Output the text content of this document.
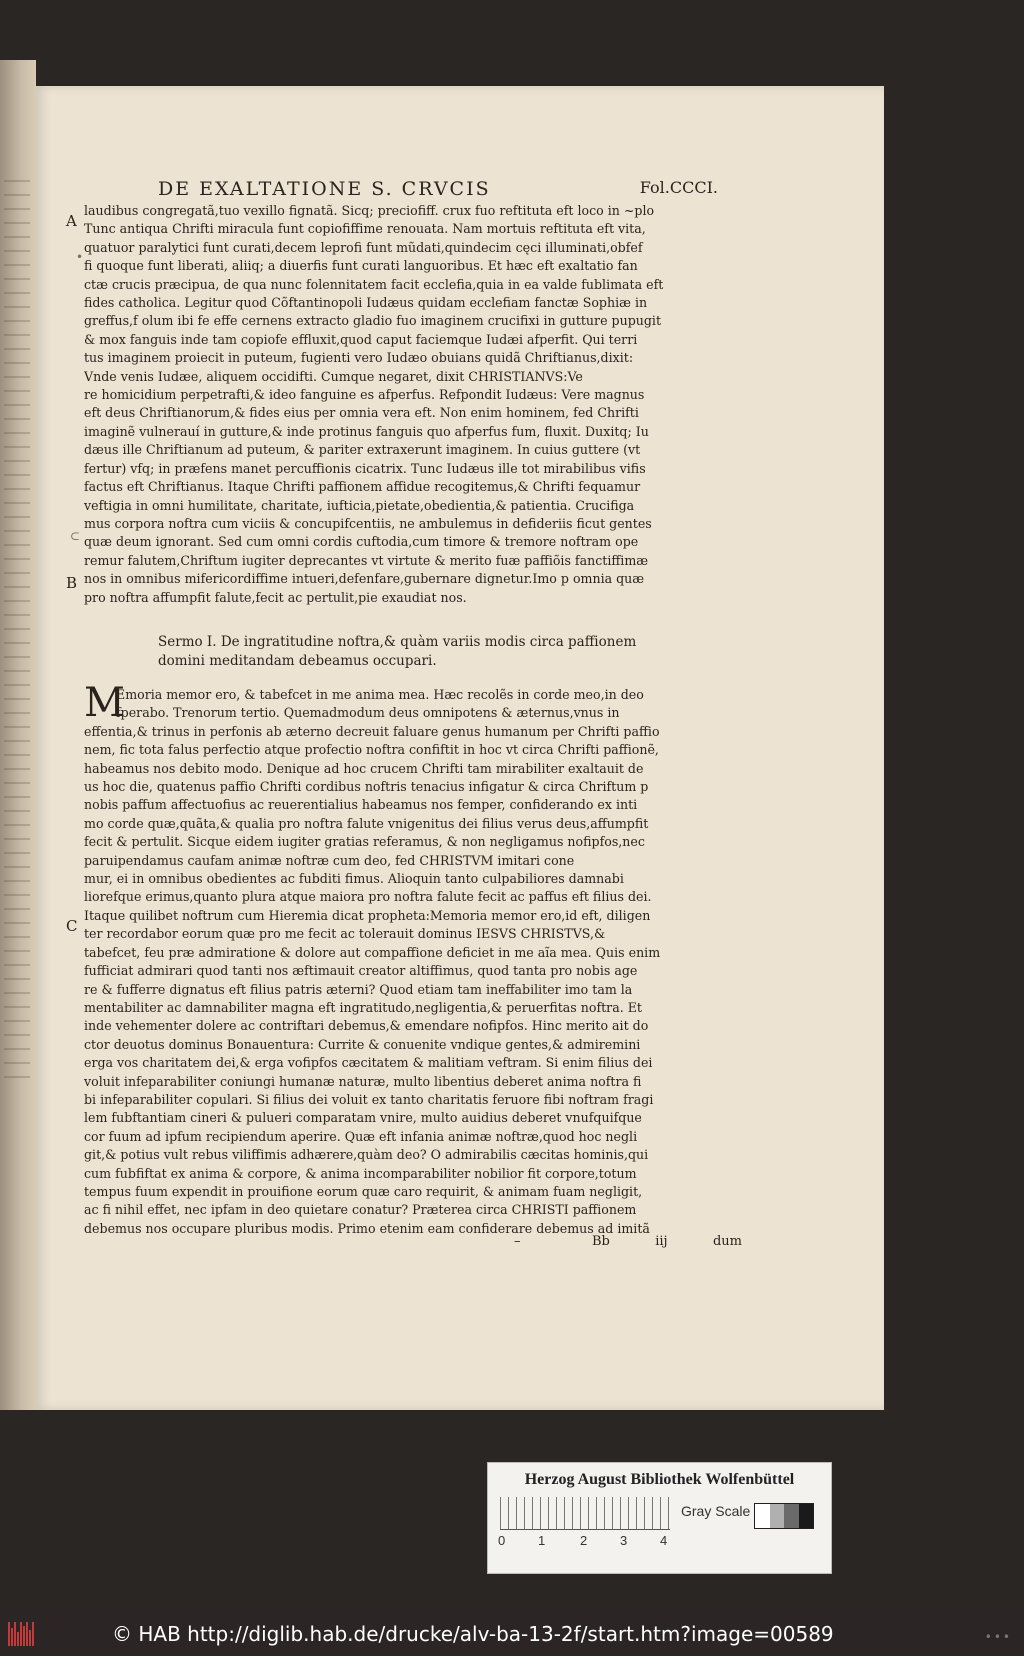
DE EXALTATIONE S. CRVCIS	Fol.CCCI.
A
•
⊂
B
C
laudibus congregatã,tuo vexillo fignatã. Sicq; preciofiff. crux fuo reftituta eft loco in ~plo
Tunc antiqua Chrifti miracula funt copiofiffime renouata. Nam mortuis reftituta eft vita,
quatuor paralytici funt curati,decem leprofi funt mũdati,quindecim cęci illuminati,obfef
fi quoque funt liberati, aliiq; a diuerfis funt curati languoribus. Et hæc eft exaltatio fan
ctæ crucis præcipua, de qua nunc folennitatem facit ecclefia,quia in ea valde fublimata eft
fides catholica. Legitur quod Cõftantinopoli Iudæus quidam ecclefiam fanctæ Sophiæ in
greffus,f olum ibi fe effe cernens extracto gladio fuo imaginem crucifixi in gutture pupugit
& mox fanguis inde tam copiofe effluxit,quod caput faciemque Iudæi afperfit. Qui terri
tus imaginem proiecit in puteum, fugienti vero Iudæo obuians quidã Chriftianus,dixit:
Vnde venis Iudæe, aliquem occidifti. Cumque negaret, dixit CHRISTIANVS:Ve
re homicidium perpetrafti,& ideo fanguine es afperfus. Refpondit Iudæus: Vere magnus
eft deus Chriftianorum,& fides eius per omnia vera eft. Non enim hominem, fed Chrifti
imaginẽ vulnerauí in gutture,& inde protinus fanguis quo afperfus fum, fluxit. Duxitq; Iu
dæus ille Chriftianum ad puteum, & pariter extraxerunt imaginem. In cuius guttere (vt
fertur) vfq; in præfens manet percuffionis cicatrix. Tunc Iudæus ille tot mirabilibus vifis
factus eft Chriftianus. Itaque Chrifti paffionem affidue recogitemus,& Chrifti fequamur
veftigia in omni humilitate, charitate, iufticia,pietate,obedientia,& patientia. Crucifiga
mus corpora noftra cum viciis & concupifcentiis, ne ambulemus in defideriis ficut gentes
quæ deum ignorant. Sed cum omni cordis cuftodia,cum timore & tremore noftram ope
remur falutem,Chriftum iugiter deprecantes vt virtute & merito fuæ paffiõis fanctiffimæ
nos in omnibus mifericordiffime intueri,defenfare,gubernare dignetur.Imo p omnia quæ
pro noftra affumpfit falute,fecit ac pertulit,pie exaudiat nos.
Sermo I. De ingratitudine noftra,& quàm variis modis circa paffionem
domini meditandam debeamus occupari.
M
Emoria memor ero, & tabefcet in me anima mea. Hæc recolẽs in corde meo,in deo
fperabo. Trenorum tertio. Quemadmodum deus omnipotens & æternus,vnus in
effentia,& trinus in perfonis ab æterno decreuit faluare genus humanum per Chrifti paffio
nem, fic tota falus perfectio atque profectio noftra confiftit in hoc vt circa Chrifti paffionẽ,
habeamus nos debito modo. Denique ad hoc crucem Chrifti tam mirabiliter exaltauit de
us hoc die, quatenus paffio Chrifti cordibus noftris tenacius infigatur & circa Chriftum p
nobis paffum affectuofius ac reuerentialius habeamus nos femper, confiderando ex inti
mo corde quæ,quãta,& qualia pro noftra falute vnigenitus dei filius verus deus,affumpfit
fecit & pertulit. Sicque eidem iugiter gratias referamus, & non negligamus nofipfos,nec
paruipendamus caufam animæ noftræ cum deo, fed CHRISTVM imitari cone
mur, ei in omnibus obedientes ac fubditi fimus. Alioquin tanto culpabiliores damnabi
liorefque erimus,quanto plura atque maiora pro noftra falute fecit ac paffus eft filius dei.
Itaque quilibet noftrum cum Hieremia dicat propheta:Memoria memor ero,id eft, diligen
ter recordabor eorum quæ pro me fecit ac tolerauit dominus IESVS CHRISTVS,&
tabefcet, feu præ admiratione & dolore aut compaffione deficiet in me aĩa mea. Quis enim
fufficiat admirari quod tanti nos æftimauit creator altiffimus, quod tanta pro nobis age
re & fufferre dignatus eft filius patris æterni? Quod etiam tam ineffabiliter imo tam la
mentabiliter ac damnabiliter magna eft ingratitudo,negligentia,& peruerfitas noftra. Et
inde vehementer dolere ac contriftari debemus,& emendare nofipfos. Hinc merito ait do
ctor deuotus dominus Bonauentura: Currite & conuenite vndique gentes,& admiremini
erga vos charitatem dei,& erga vofipfos cæcitatem & malitiam veftram. Si enim filius dei
voluit infeparabiliter coniungi humanæ naturæ, multo libentius deberet anima noftra fi
bi infeparabiliter copulari. Si filius dei voluit ex tanto charitatis feruore fibi noftram fragi
lem fubftantiam cineri & pulueri comparatam vnire, multo auidius deberet vnufquifque
cor fuum ad ipfum recipiendum aperire. Quæ eft infania animæ noftræ,quod hoc negli
git,& potius vult rebus viliffimis adhærere,quàm deo? O admirabilis cæcitas hominis,qui
cum fubfiftat ex anima & corpore, & anima incomparabiliter nobilior fit corpore,totum
tempus fuum expendit in prouifione eorum quæ caro requirit, & animam fuam negligit,
ac fi nihil effet, nec ipfam in deo quietare conatur? Præterea circa CHRISTI paffionem
debemus nos occupare pluribus modis. Primo etenim eam confiderare debemus ad imitã
–	Bb	iij	dum
Herzog August Bibliothek Wolfenbüttel
0	1	2	3	4
Gray Scale
© HAB http://diglib.hab.de/drucke/alv-ba-13-2f/start.htm?image=00589	•••
